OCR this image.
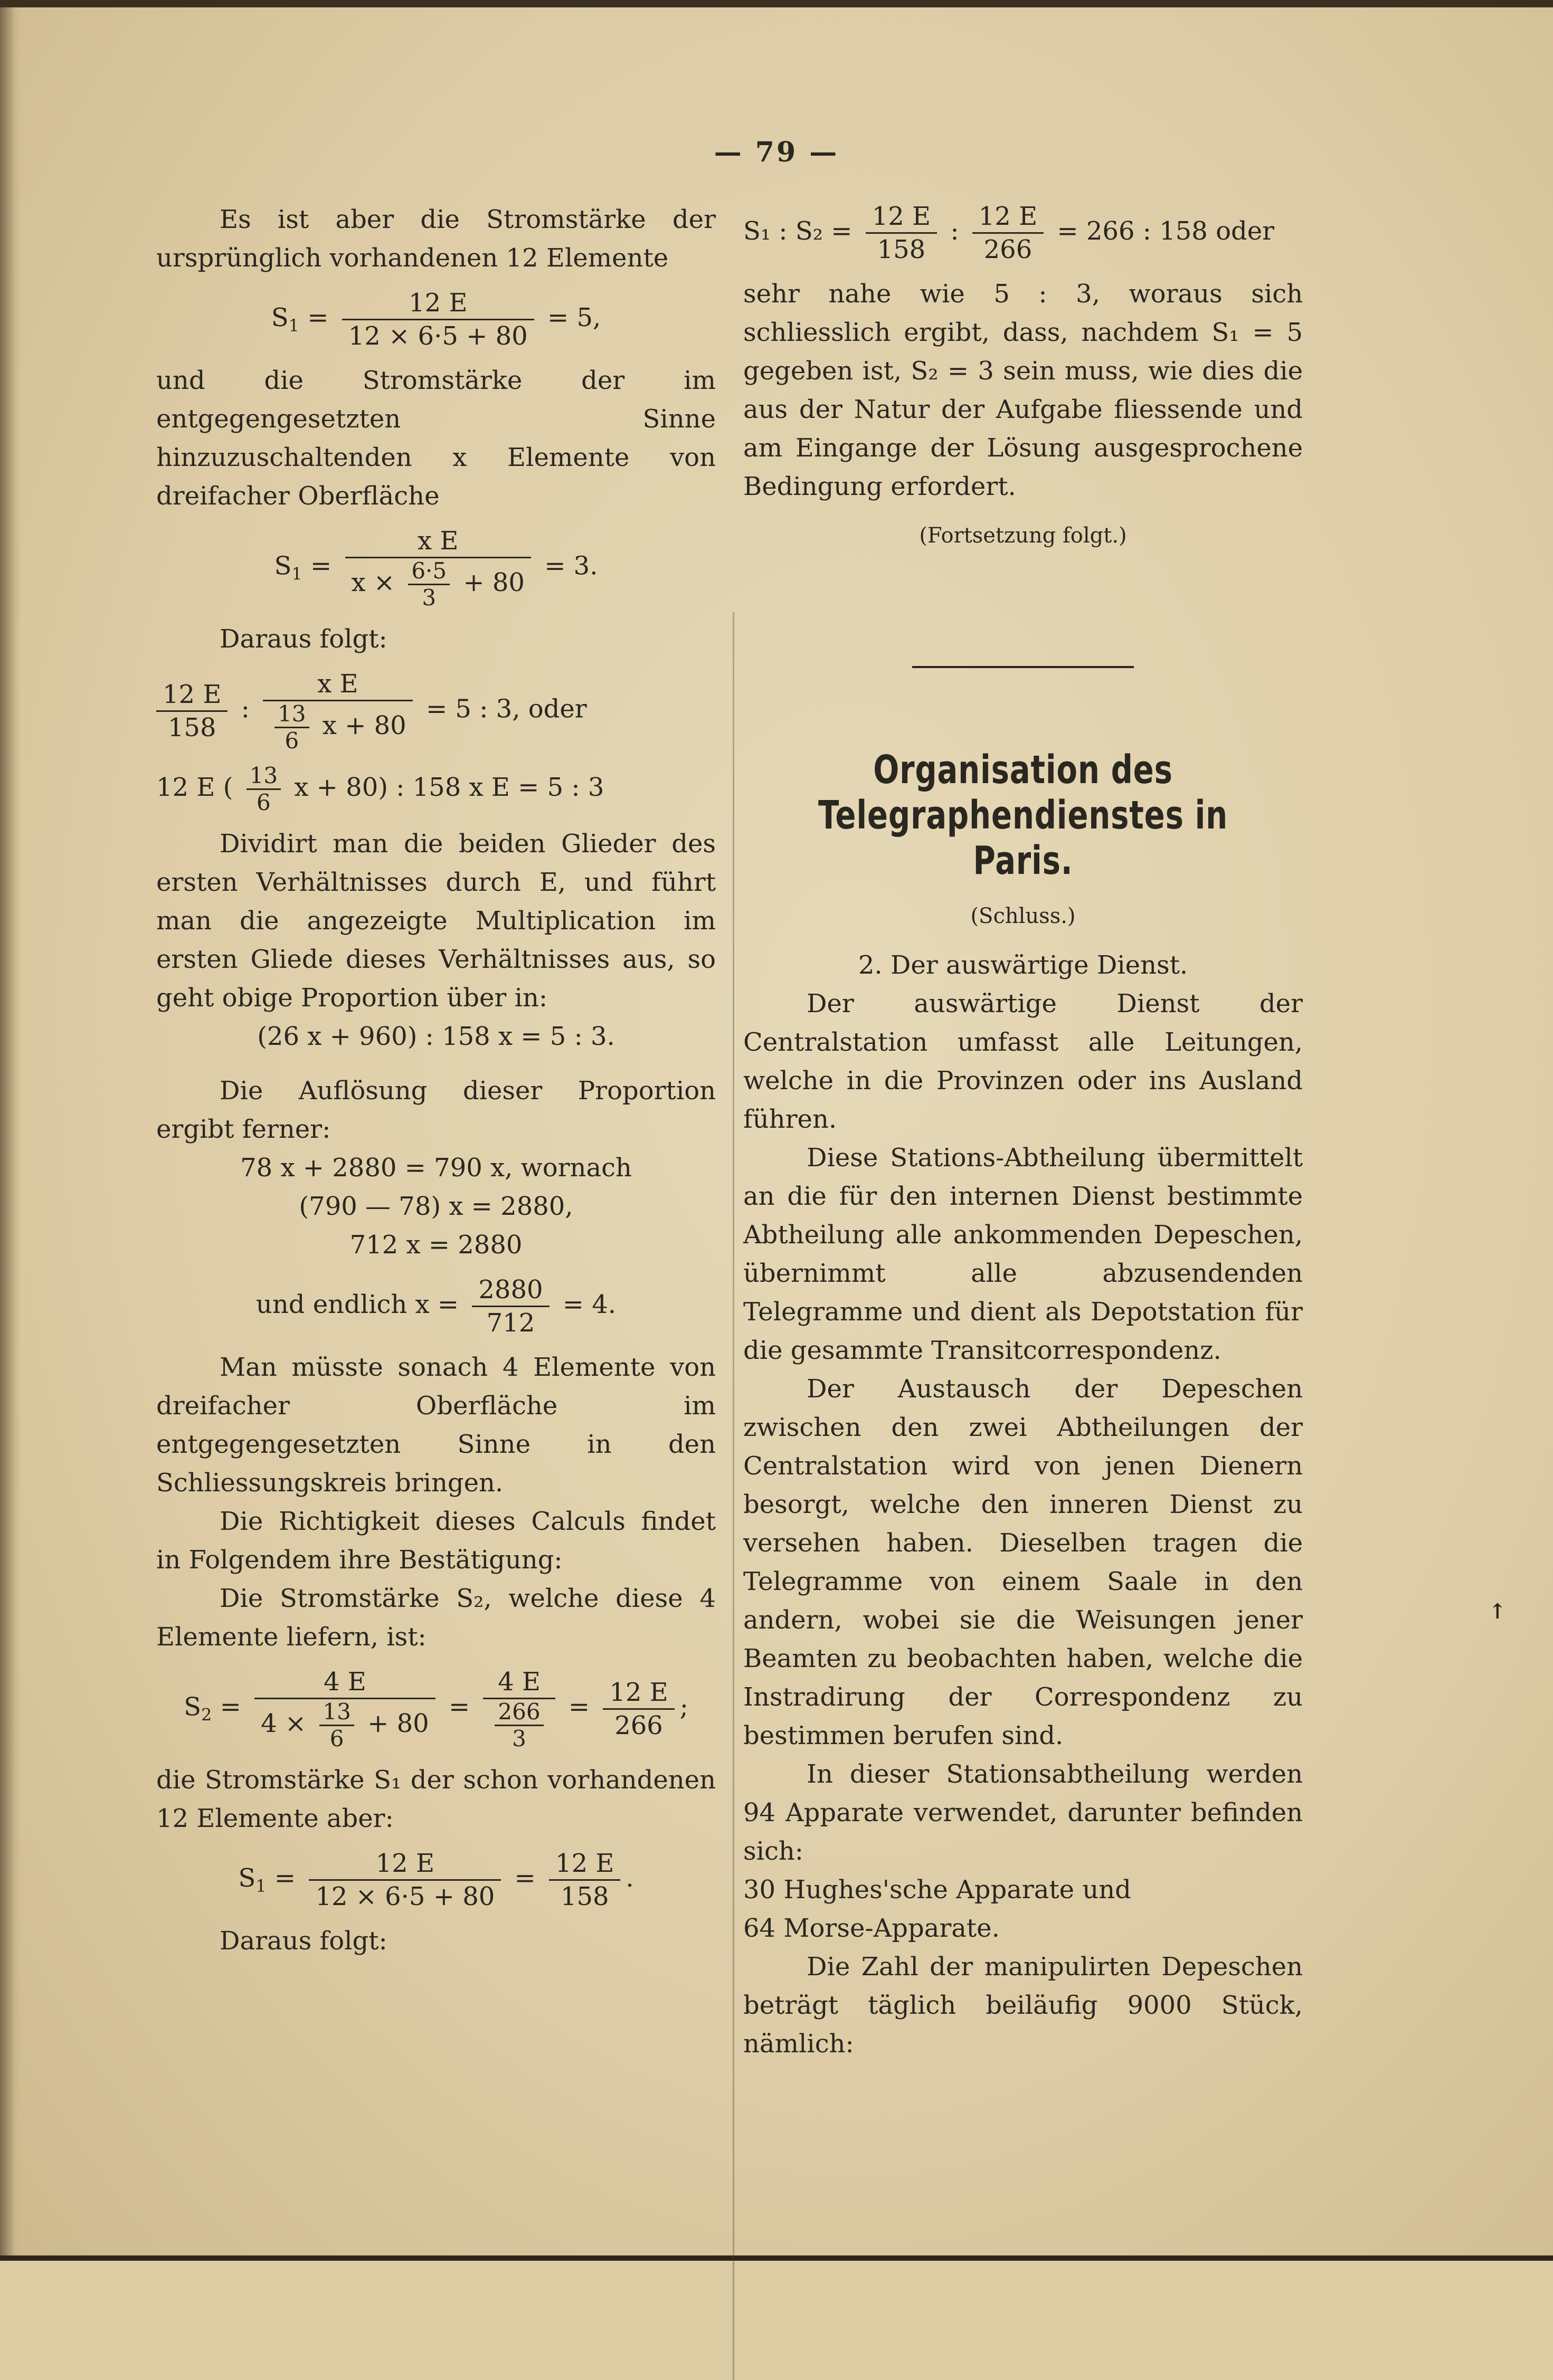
— 79 —

Es ist aber die Stromstärke der ursprünglich vorhandenen 12 Elemente

$S_1 = \frac{12 E}{12 \times 6\cdot 5 + 80} = 5$,

und die Stromstärke der im entgegengesetzten Sinne hinzuzuschaltenden x Elemente von dreifacher Oberfläche

$S_1 = \frac{\text{x E}}{x \times \frac{6\cdot 5}{3} + 80} = 3$.

Daraus folgt:

$\frac{12 E}{158}$ : $\frac{\text{x E}}{\frac{13}{6} x + 80} = 5$ : 3, oder
12 E ( $\frac{13}{6}$ x + 80) : 158 x E = 5 : 3

Dividirt man die beiden Glieder des ersten Verhältnisses durch E, und führt man die angezeigte Multiplication im ersten Gliede dieses Verhältnisses aus, so geht obige Proportion über in:

(26 x + 960) : 158 x = 5 : 3.

Die Auflösung dieser Proportion ergibt ferner:

78 x + 2880 = 790 x, wornach

(790 — 78) x = 2880,

712 x = 2880

und endlich $x = \frac{2880}{712} = 4$.

Man müsste sonach 4 Elemente von dreifacher Oberfläche im entgegengesetzten Sinne in den Schliessungskreis bringen.

Die Richtigkeit dieses Calculs findet in Folgendem ihre Bestätigung:

Die Stromstärke S₂, welche diese 4 Elemente liefern, ist:

$S_2 = \frac{4 E}{4 \times \frac{13}{6} + 80} = \frac{4 E}{\frac{266}{3}} = \frac{12 E}{266}$ ;

die Stromstärke S₁ der schon vorhandenen 12 Elemente aber:

$S_1 = \frac{12 E}{12 \times 6\cdot 5 + 80} = \frac{12 E}{158}$ .

Daraus folgt:

S₁ : $S_2 = \frac{12 E}{158}$ : $\frac{12 E}{266} = 266$ : 158 oder

sehr nahe wie 5 : 3, woraus sich schliesslich ergibt, dass, nachdem S₁ = 5 gegeben ist, S₂ = 3 sein muss, wie dies die aus der Natur der Aufgabe fliessende und am Eingange der Lösung ausgesprochene Bedingung erfordert.

(Fortsetzung folgt.)

Organisation des Telegraphendienstes in Paris.

(Schluss.)

2. Der auswärtige Dienst.

Der auswärtige Dienst der Centralstation umfasst alle Leitungen, welche in die Provinzen oder ins Ausland führen.

Diese Stations-Abtheilung übermittelt an die für den internen Dienst bestimmte Abtheilung alle ankommenden Depeschen, übernimmt alle abzusendenden Telegramme und dient als Depotstation für die gesammte Transitcorrespondenz.

Der Austausch der Depeschen zwischen den zwei Abtheilungen der Centralstation wird von jenen Dienern besorgt, welche den inneren Dienst zu versehen haben. Dieselben tragen die Telegramme von einem Saale in den andern, wobei sie die Weisungen jener Beamten zu beobachten haben, welche die Instradirung der Correspondenz zu bestimmen berufen sind.

In dieser Stationsabtheilung werden 94 Apparate verwendet, darunter befinden sich:

30 Hughes'sche Apparate und

64 Morse-Apparate.

Die Zahl der manipulirten Depeschen beträgt täglich beiläufig 9000 Stück, nämlich:

↑
